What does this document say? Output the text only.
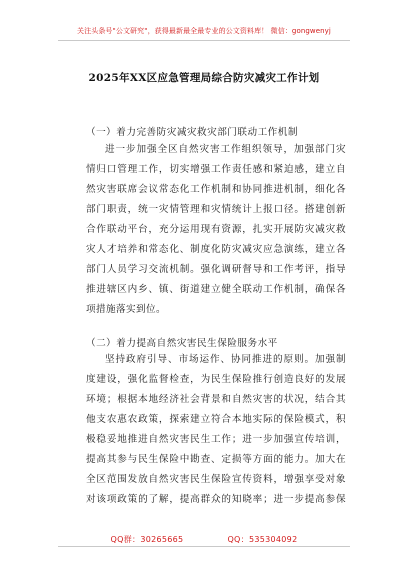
关注头条号"公文研究"，获得最新最全最专业的公文资料库！ 微信：gongwenyj
2025年XX区应急管理局综合防灾减灾工作计划
（一）着力完善防灾减灾救灾部门联动工作机制
进一步加强全区自然灾害工作组织领导，加强部门灾
情归口管理工作，切实增强工作责任感和紧迫感，建立自
然灾害联席会议常态化工作机制和协同推进机制，细化各
部门职责，统一灾情管理和灾情统计上报口径。搭建创新
合作联动平台，充分运用现有资源，扎实开展防灾减灾救
灾人才培养和常态化、制度化防灾减灾应急演练，建立各
部门人员学习交流机制。强化调研督导和工作考评，指导
推进辖区内乡、镇、街道建立健全联动工作机制，确保各
项措施落实到位。
（二）着力提高自然灾害民生保险服务水平
坚持政府引导、市场运作、协同推进的原则。加强制
度建设，强化监督检查，为民生保险推行创造良好的发展
环境；根据本地经济社会背景和自然灾害的状况，结合其
他支农惠农政策，探索建立符合本地实际的保险模式，积
极稳妥地推进自然灾害民生工作；进一步加强宣传培训，
提高其参与民生保险中勘查、定损等方面的能力。加大在
全区范围发放自然灾害民生保险宣传资料，增强享受对象
对该项政策的了解，提高群众的知晓率；进一步提高参保
QQ群：30265665	QQ：535304092
